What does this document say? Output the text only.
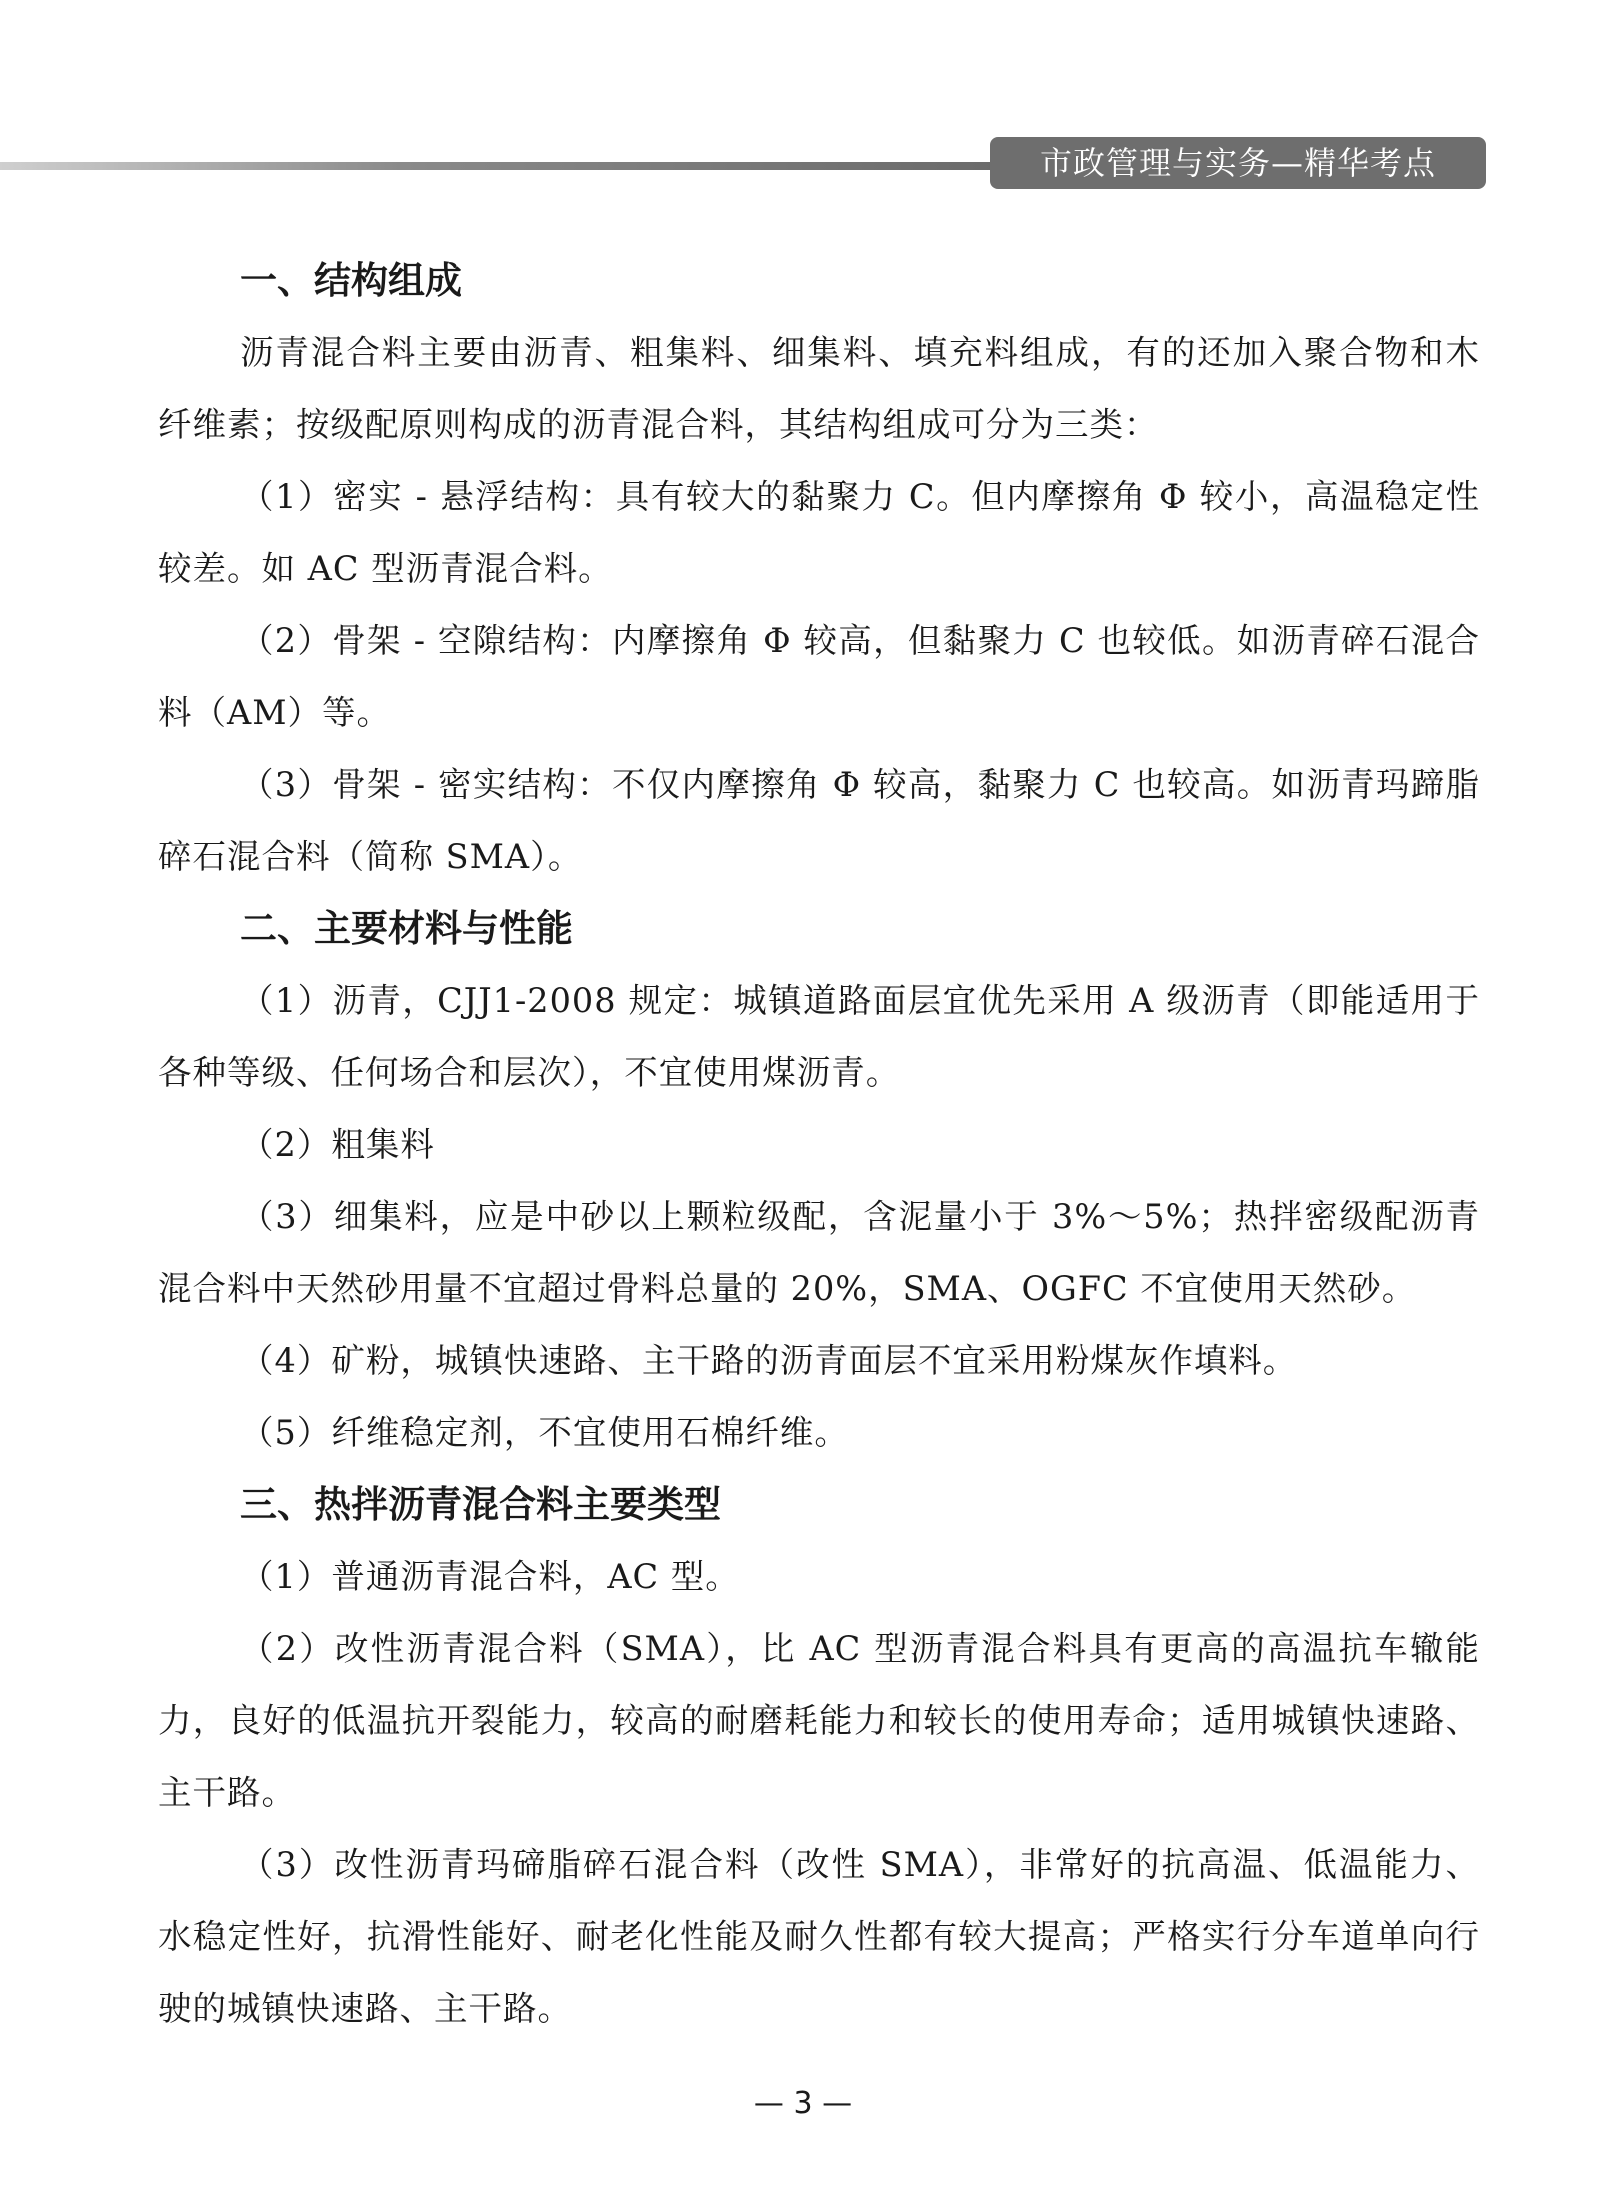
市政管理与实务—精华考点
一、结构组成

沥青混合料主要由沥青、粗集料、细集料、填充料组成，有的还加入聚合物和木纤维素；按级配原则构成的沥青混合料，其结构组成可分为三类：

（1）密实 - 悬浮结构：具有较大的黏聚力 C。但内摩擦角 Φ 较小，高温稳定性较差。如 AC 型沥青混合料。

（2）骨架 - 空隙结构：内摩擦角 Φ 较高，但黏聚力 C 也较低。如沥青碎石混合料（AM）等。

（3）骨架 - 密实结构：不仅内摩擦角 Φ 较高，黏聚力 C 也较高。如沥青玛蹄脂碎石混合料（简称 SMA）。

二、主要材料与性能

（1）沥青，CJJ1-2008 规定：城镇道路面层宜优先采用 A 级沥青（即能适用于各种等级、任何场合和层次），不宜使用煤沥青。

（2）粗集料

（3）细集料，应是中砂以上颗粒级配，含泥量小于 3%～5%；热拌密级配沥青混合料中天然砂用量不宜超过骨料总量的 20%，SMA、OGFC 不宜使用天然砂。

（4）矿粉，城镇快速路、主干路的沥青面层不宜采用粉煤灰作填料。

（5）纤维稳定剂，不宜使用石棉纤维。

三、热拌沥青混合料主要类型

（1）普通沥青混合料，AC 型。

（2）改性沥青混合料（SMA），比 AC 型沥青混合料具有更高的高温抗车辙能力，良好的低温抗开裂能力，较高的耐磨耗能力和较长的使用寿命；适用城镇快速路、主干路。

（3）改性沥青玛碲脂碎石混合料（改性 SMA），非常好的抗高温、低温能力、水稳定性好，抗滑性能好、耐老化性能及耐久性都有较大提高；严格实行分车道单向行驶的城镇快速路、主干路。

— 3 —
